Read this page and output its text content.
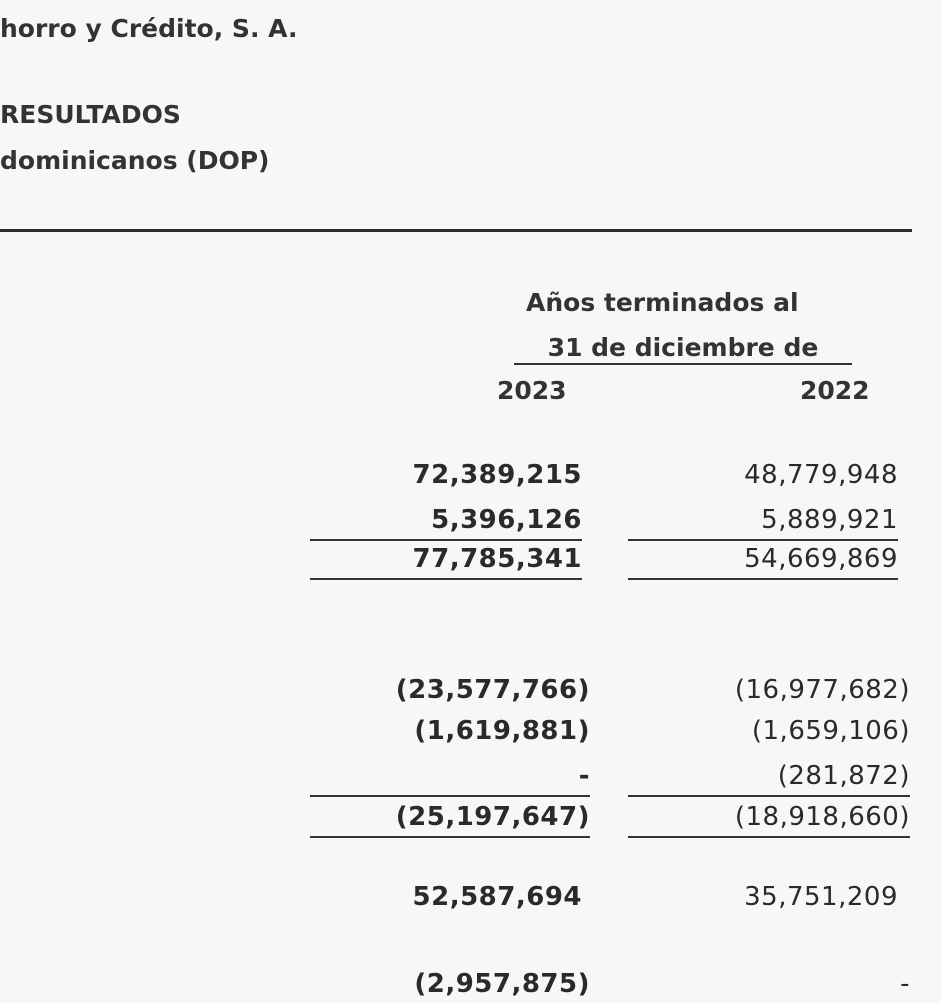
horro y Crédito, S. A.
RESULTADOS
dominicanos (DOP)
Años terminados al
31 de diciembre de
2023	2022
72,389,215	48,779,948
5,396,126	5,889,921
77,785,341	54,669,869
(23,577,766)	(16,977,682)
(1,619,881)	(1,659,106)
-	(281,872)
(25,197,647)	(18,918,660)
52,587,694	35,751,209
(2,957,875)	-
